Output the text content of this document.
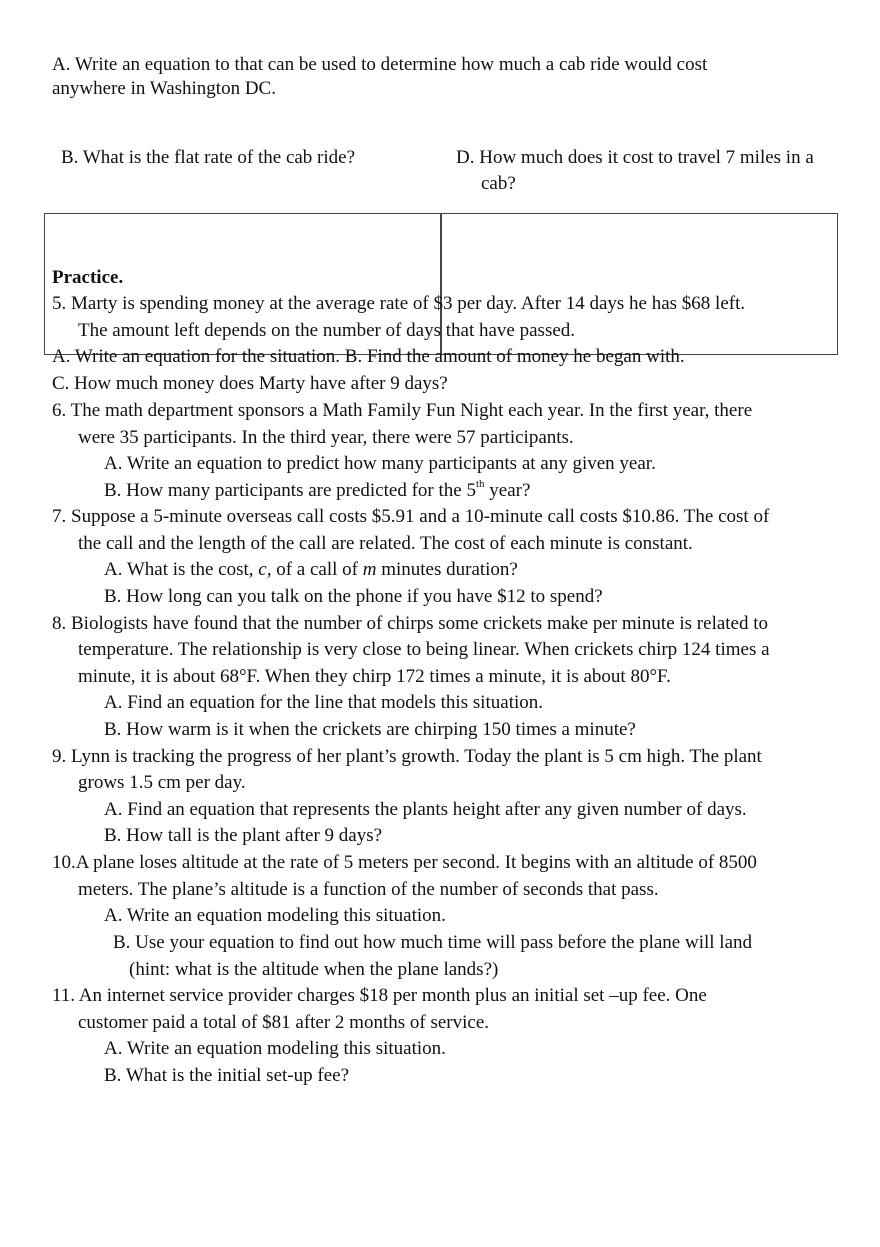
A. Write an equation to that can be used to determine how much a cab ride would cost
anywhere in Washington DC.
B. What is the flat rate of the cab ride?	D. How much does it cost to travel 7 miles in a
cab?
Practice.
5. Marty is spending money at the average rate of $3 per day. After 14 days he has $68 left.
The amount left depends on the number of days that have passed.
A. Write an equation for the situation. B. Find the amount of money he began with.
C. How much money does Marty have after 9 days?
6. The math department sponsors a Math Family Fun Night each year. In the first year, there
were 35 participants. In the third year, there were 57 participants.
A. Write an equation to predict how many participants at any given year.
B. How many participants are predicted for the 5th year?
7. Suppose a 5-minute overseas call costs $5.91 and a 10-minute call costs $10.86. The cost of
the call and the length of the call are related. The cost of each minute is constant.
A. What is the cost, c, of a call of m minutes duration?
B. How long can you talk on the phone if you have $12 to spend?
8. Biologists have found that the number of chirps some crickets make per minute is related to
temperature. The relationship is very close to being linear. When crickets chirp 124 times a
minute, it is about 68°F. When they chirp 172 times a minute, it is about 80°F.
A. Find an equation for the line that models this situation.
B. How warm is it when the crickets are chirping 150 times a minute?
9. Lynn is tracking the progress of her plant’s growth. Today the plant is 5 cm high. The plant
grows 1.5 cm per day.
A. Find an equation that represents the plants height after any given number of days.
B. How tall is the plant after 9 days?
10.A plane loses altitude at the rate of 5 meters per second. It begins with an altitude of 8500
meters. The plane’s altitude is a function of the number of seconds that pass.
A. Write an equation modeling this situation.
B. Use your equation to find out how much time will pass before the plane will land
(hint: what is the altitude when the plane lands?)
11. An internet service provider charges $18 per month plus an initial set –up fee. One
customer paid a total of $81 after 2 months of service.
A. Write an equation modeling this situation.
B. What is the initial set-up fee?
